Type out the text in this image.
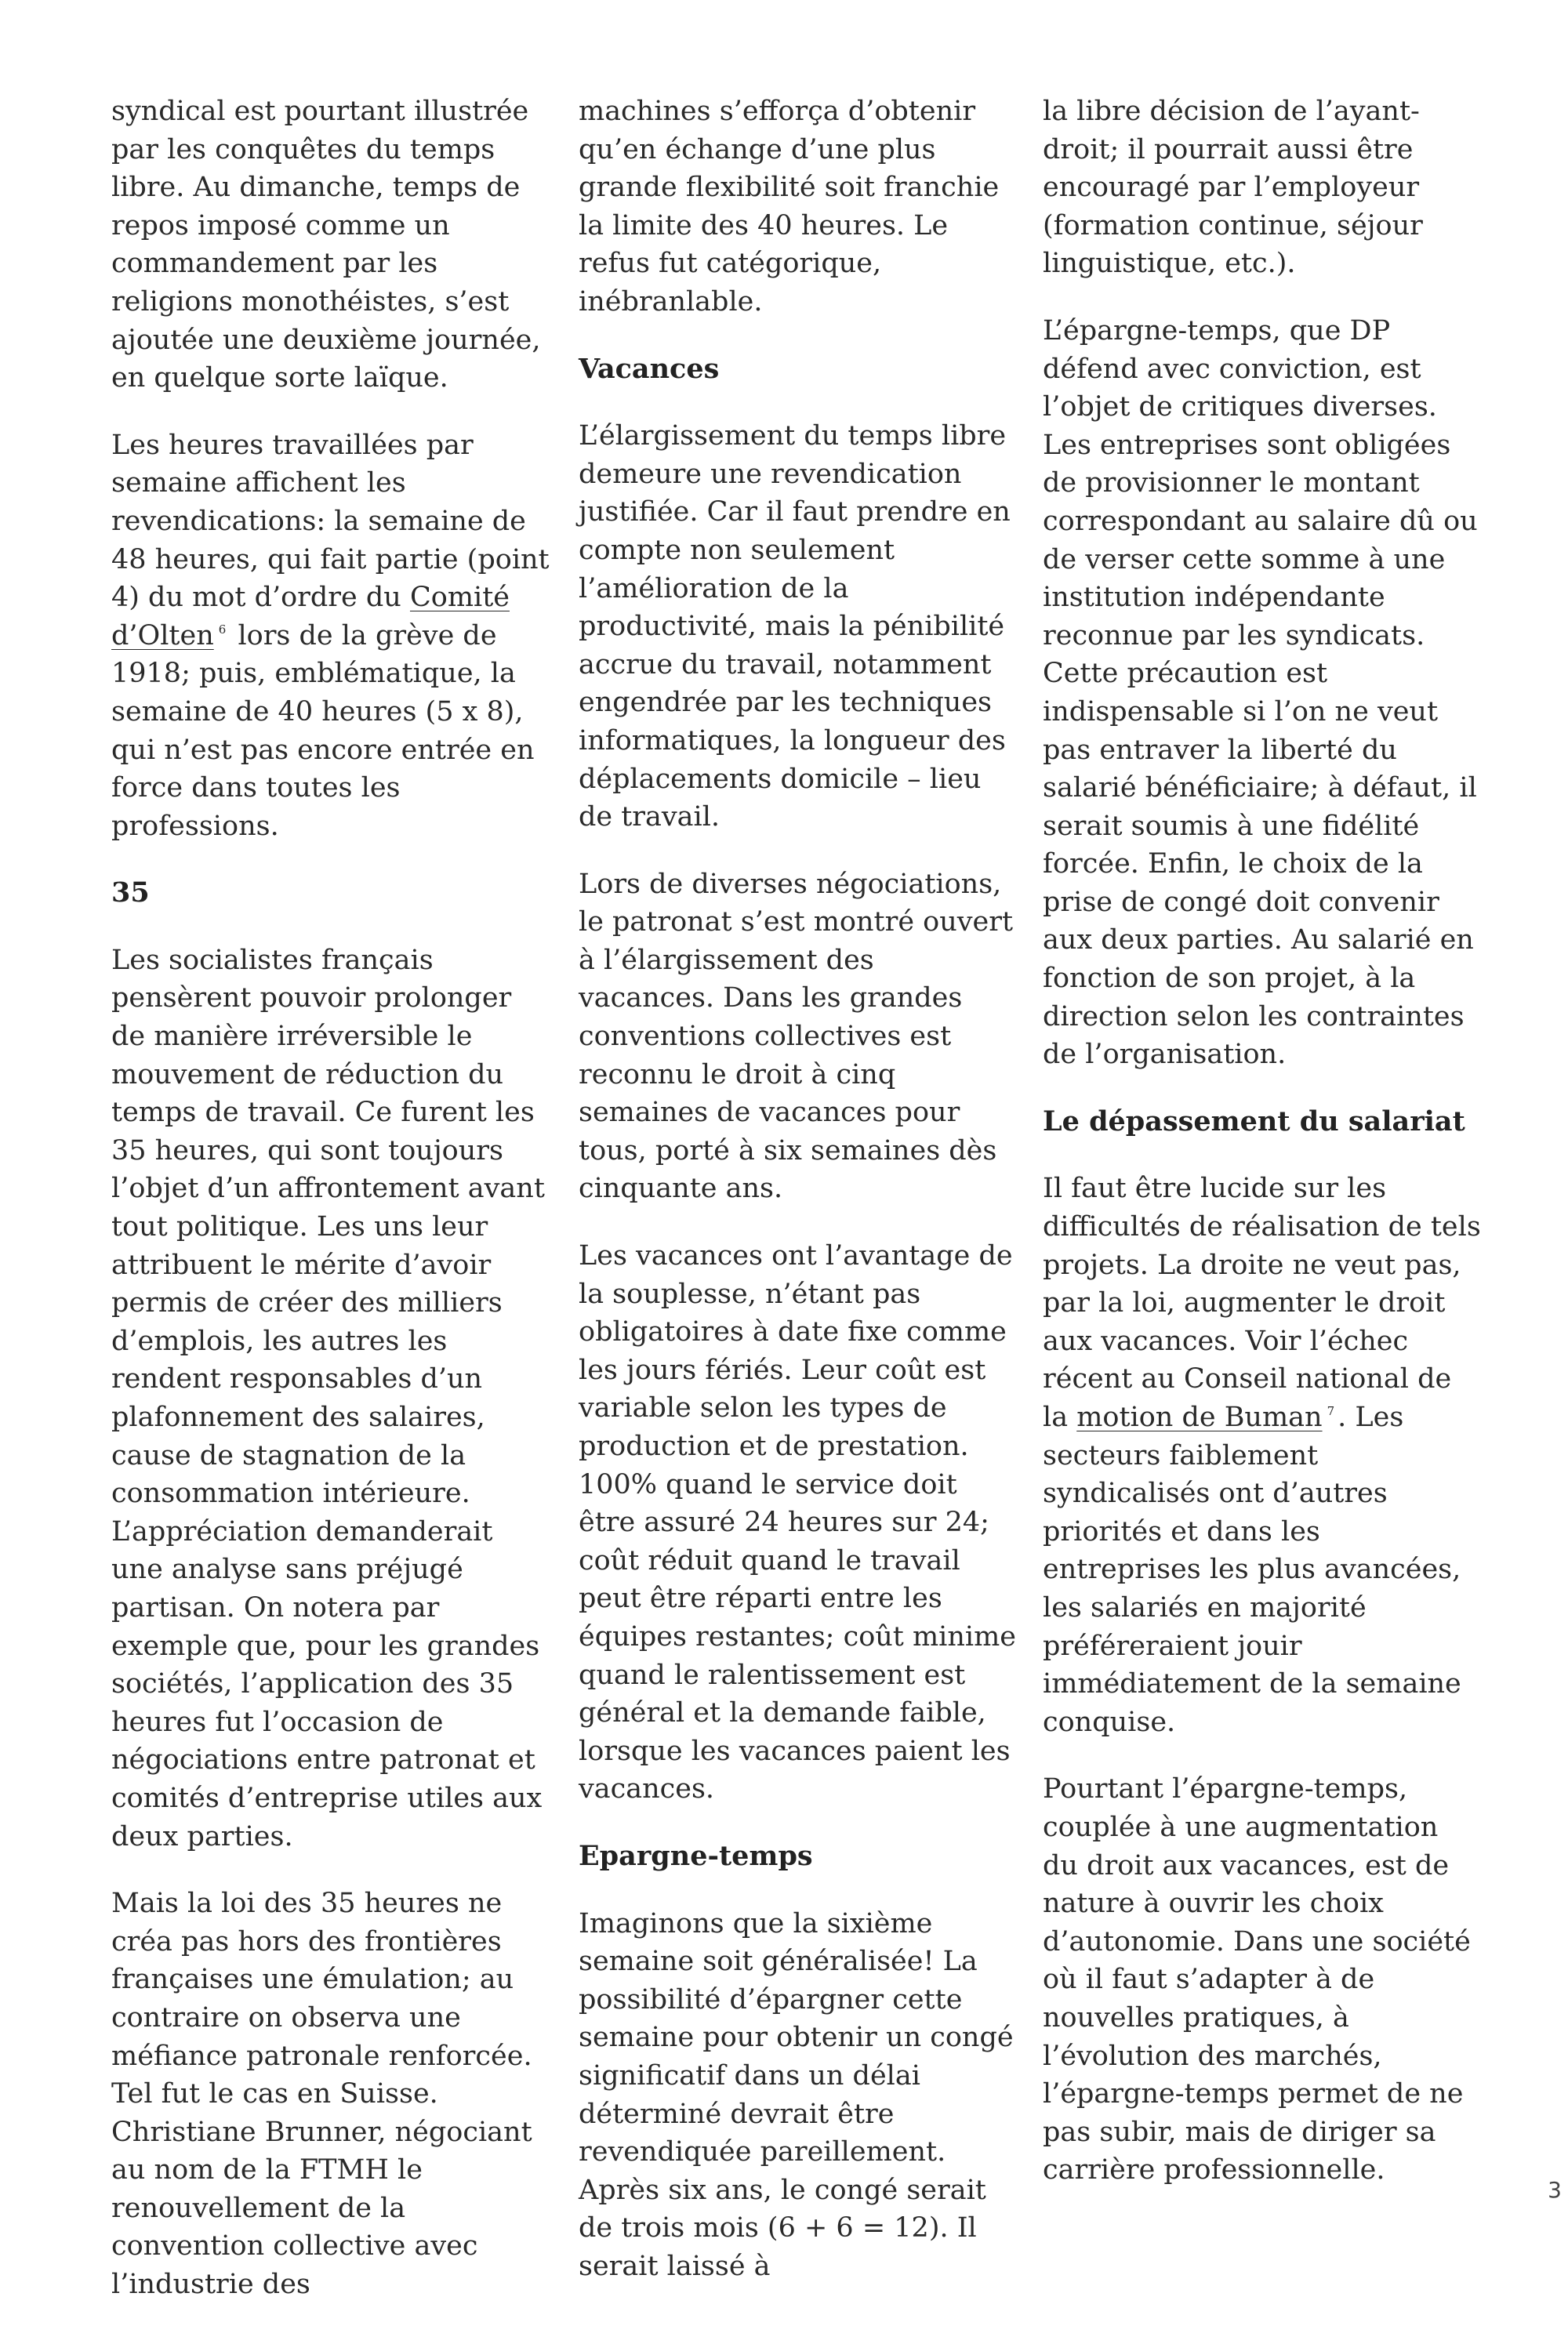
syndical est pourtant illustrée par les conquêtes du temps libre. Au dimanche, temps de repos imposé comme un commandement par les religions monothéistes, s’est ajoutée une deuxième journée, en quelque sorte laïque.

Les heures travaillées par semaine affichent les revendications: la semaine de 48 heures, qui fait partie (point 4) du mot d’ordre du Comité d’Olten $^6$ lors de la grève de 1918; puis, emblématique, la semaine de 40 heures (5 x 8), qui n’est pas encore entrée en force dans toutes les professions.

35

Les socialistes français pensèrent pouvoir prolonger de manière irréversible le mouvement de réduction du temps de travail. Ce furent les 35 heures, qui sont toujours l’objet d’un affrontement avant tout politique. Les uns leur attribuent le mérite d’avoir permis de créer des milliers d’emplois, les autres les rendent responsables d’un plafonnement des salaires, cause de stagnation de la consommation intérieure. L’appréciation demanderait une analyse sans préjugé partisan. On notera par exemple que, pour les grandes sociétés, l’application des 35 heures fut l’occasion de négociations entre patronat et comités d’entreprise utiles aux deux parties.

Mais la loi des 35 heures ne créa pas hors des frontières françaises une émulation; au contraire on observa une méfiance patronale renforcée. Tel fut le cas en Suisse. Christiane Brunner, négociant au nom de la FTMH le renouvellement de la convention collective avec l’industrie des

machines s’efforça d’obtenir qu’en échange d’une plus grande flexibilité soit franchie la limite des 40 heures. Le refus fut catégorique, inébranlable.

Vacances

L’élargissement du temps libre demeure une revendication justifiée. Car il faut prendre en compte non seulement l’amélioration de la productivité, mais la pénibilité accrue du travail, notamment engendrée par les techniques informatiques, la longueur des déplacements domicile – lieu de travail.

Lors de diverses négociations, le patronat s’est montré ouvert à l’élargissement des vacances. Dans les grandes conventions collectives est reconnu le droit à cinq semaines de vacances pour tous, porté à six semaines dès cinquante ans.

Les vacances ont l’avantage de la souplesse, n’étant pas obligatoires à date fixe comme les jours fériés. Leur coût est variable selon les types de production et de prestation. 100% quand le service doit être assuré 24 heures sur 24; coût réduit quand le travail peut être réparti entre les équipes restantes; coût minime quand le ralentissement est général et la demande faible, lorsque les vacances paient les vacances.

Epargne-temps

Imaginons que la sixième semaine soit généralisée! La possibilité d’épargner cette semaine pour obtenir un congé significatif dans un délai déterminé devrait être revendiquée pareillement. Après six ans, le congé serait de trois mois (6 + 6 = 12). Il serait laissé à

la libre décision de l’ayant-droit; il pourrait aussi être encouragé par l’employeur (formation continue, séjour linguistique, etc.).

L’épargne-temps, que DP défend avec conviction, est l’objet de critiques diverses. Les entreprises sont obligées de provisionner le montant correspondant au salaire dû ou de verser cette somme à une institution indépendante reconnue par les syndicats. Cette précaution est indispensable si l’on ne veut pas entraver la liberté du salarié bénéficiaire; à défaut, il serait soumis à une fidélité forcée. Enfin, le choix de la prise de congé doit convenir aux deux parties. Au salarié en fonction de son projet, à la direction selon les contraintes de l’organisation.

Le dépassement du salariat

Il faut être lucide sur les difficultés de réalisation de tels projets. La droite ne veut pas, par la loi, augmenter le droit aux vacances. Voir l’échec récent au Conseil national de la motion de Buman $^7$ . Les secteurs faiblement syndicalisés ont d’autres priorités et dans les entreprises les plus avancées, les salariés en majorité préféreraient jouir immédiatement de la semaine conquise.

Pourtant l’épargne-temps, couplée à une augmentation du droit aux vacances, est de nature à ouvrir les choix d’autonomie. Dans une société où il faut s’adapter à de nouvelles pratiques, à l’évolution des marchés, l’épargne-temps permet de ne pas subir, mais de diriger sa carrière professionnelle.

3
